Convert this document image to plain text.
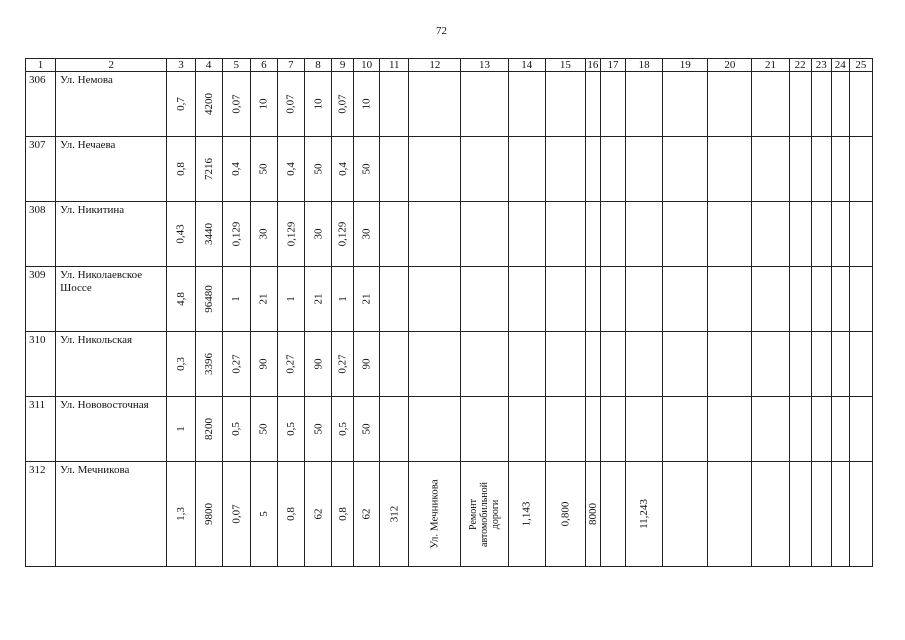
72
1	2	3	4	5	6	7	8	9	10	11	12	13	14	15	16	17	18	19	20	21	22	23	24	25
306	Ул. Немова	0,7	4200	0,07	10	0,07	10	0,07	10															

307	Ул. Нечаева	0,8	7216	0,4	50	0,4	50	0,4	50															

308	Ул. Никитина	0,43	3440	0,129	30	0,129	30	0,129	30															

309	Ул. Николаевское Шоссе	4,8	96480	1	21	1	21	1	21															

310	Ул. Никольская	0,3	3396	0,27	90	0,27	90	0,27	90															

311	Ул. Нововосточная	1	8200	0,5	50	0,5	50	0,5	50															

312	Ул. Мечникова	1,3	9800	0,07	5	0,8	62	0,8	62	312	Ул. Мечникова	Ремонт автомобильной дороги	1,143	0,800	8000		11,243							
